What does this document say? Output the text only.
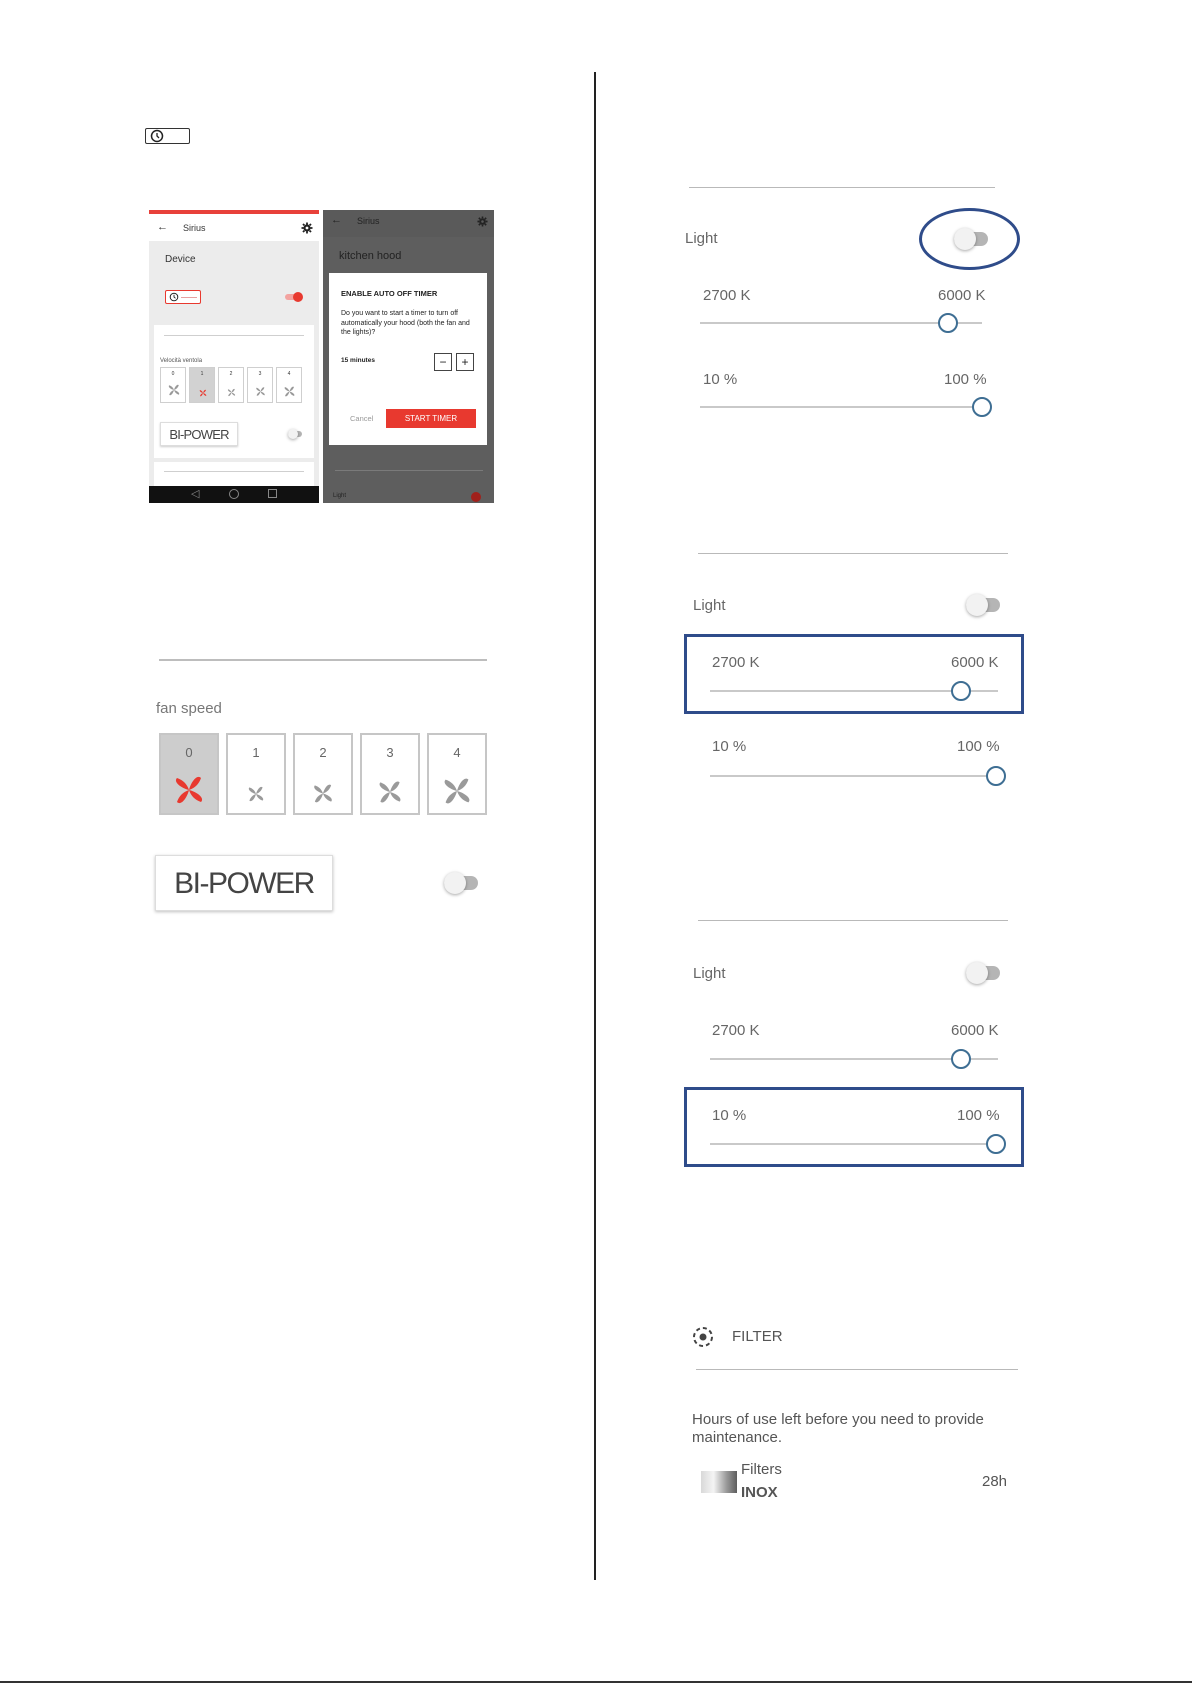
← Sirius
Device
Velocità ventola
0	1	2	3	4
BI-POWER
◁
← Sirius
kitchen hood
ENABLE AUTO OFF TIMER
Do you want to start a timer to turn off automatically your hood (both the fan and the lights)?
15 minutes	−	+
Cancel	START TIMER
Light
fan speed
0	1	2	3	4
BI-POWER
Light
2700 K	6000 K
10 %	100 %
Light
2700 K	6000 K
10 %	100 %
Light
2700 K	6000 K
10 %	100 %
FILTER
Hours of use left before you need to provide maintenance.
Filters
INOX
28h
